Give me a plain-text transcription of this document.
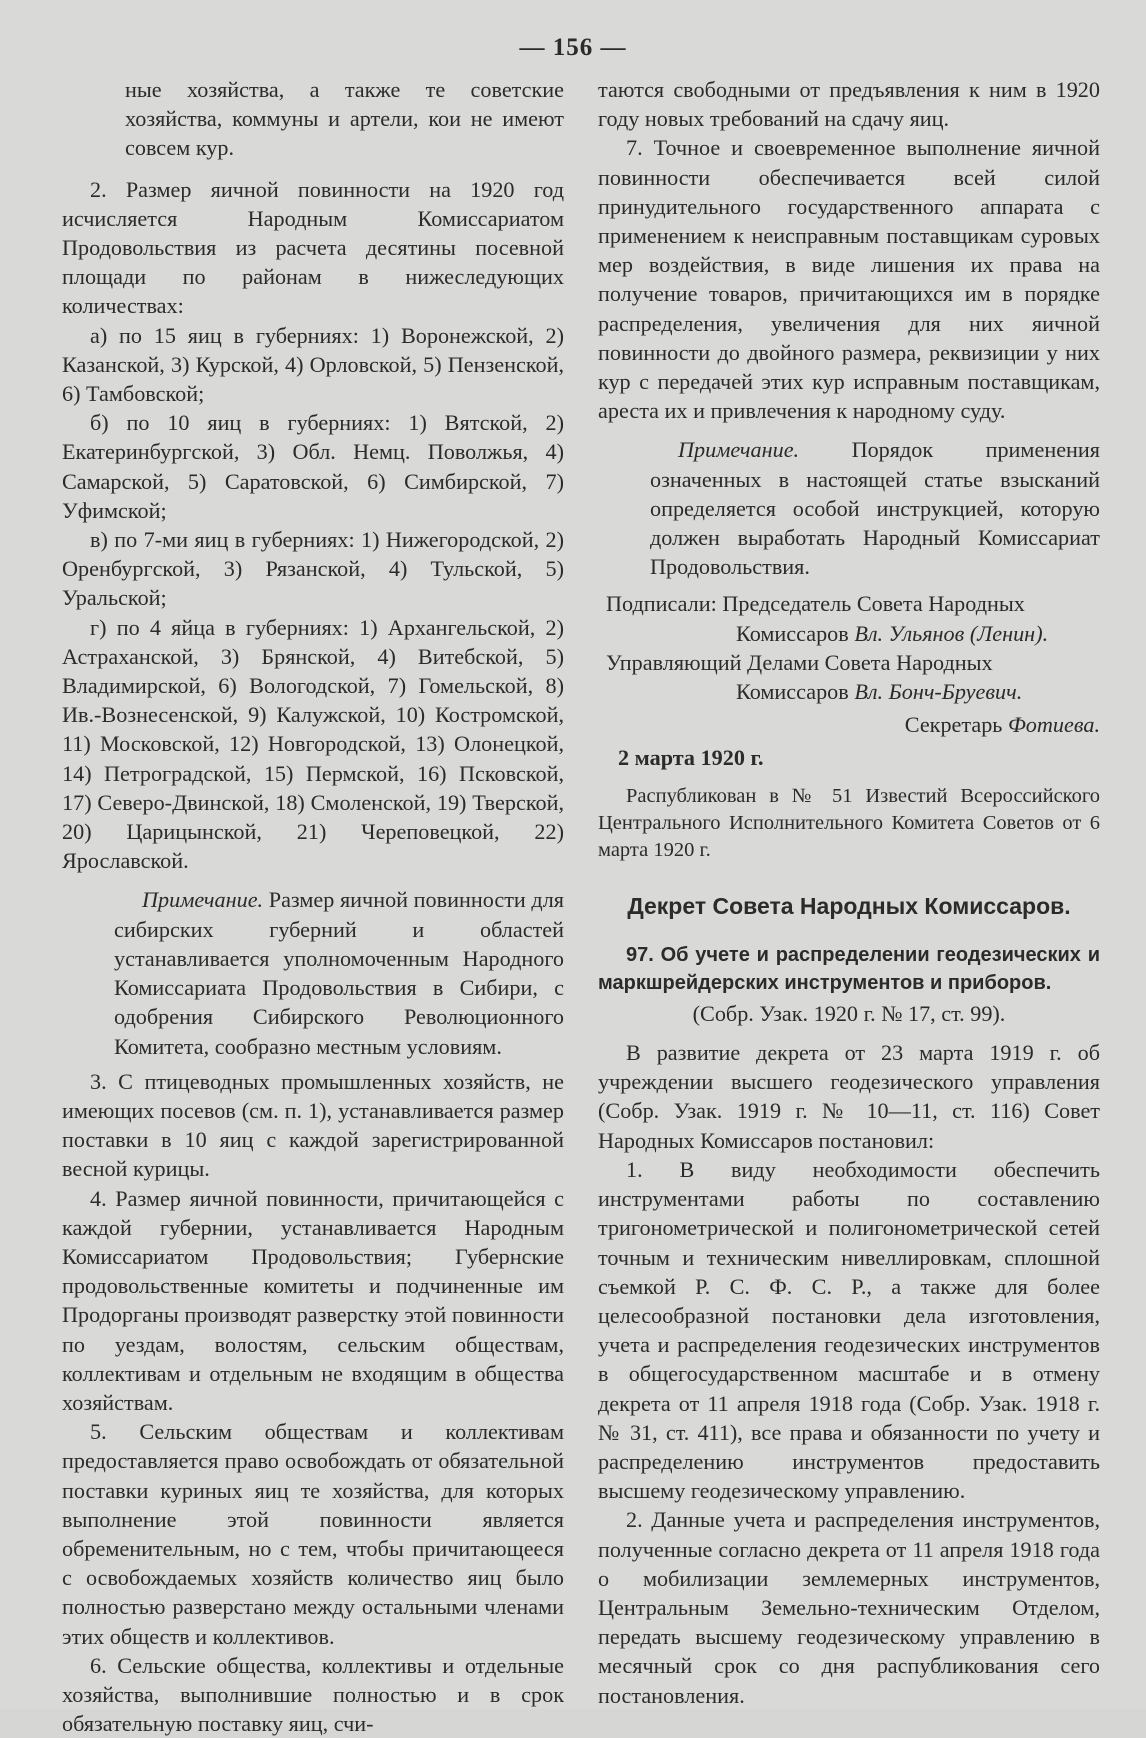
— 156 —

ные хозяйства, а также те советские хозяйства, коммуны и артели, кои не имеют совсем кур.

2. Размер яичной повинности на 1920 год исчисляется Народным Комиссариатом Продовольствия из расчета десятины посевной площади по районам в нижеследующих количествах:

а) по 15 яиц в губерниях: 1) Воронежской, 2) Казанской, 3) Курской, 4) Орловской, 5) Пензенской, 6) Тамбовской;

б) по 10 яиц в губерниях: 1) Вятской, 2) Екатеринбургской, 3) Обл. Немц. Поволжья, 4) Самарской, 5) Саратовской, 6) Симбирской, 7) Уфимской;

в) по 7-ми яиц в губерниях: 1) Нижегородской, 2) Оренбургской, 3) Рязанской, 4) Тульской, 5) Уральской;

г) по 4 яйца в губерниях: 1) Архангельской, 2) Астраханской, 3) Брянской, 4) Витебской, 5) Владимирской, 6) Вологодской, 7) Гомельской, 8) Ив.-Вознесенской, 9) Калужской, 10) Костромской, 11) Московской, 12) Новгородской, 13) Олонецкой, 14) Петроградской, 15) Пермской, 16) Псковской, 17) Северо-Двинской, 18) Смоленской, 19) Тверской, 20) Царицынской, 21) Череповецкой, 22) Ярославской.

Примечание. Размер яичной повинности для сибирских губерний и областей устанавливается уполномоченным Народного Комиссариата Продовольствия в Сибири, с одобрения Сибирского Революционного Комитета, сообразно местным условиям.

3. С птицеводных промышленных хозяйств, не имеющих посевов (см. п. 1), устанавливается размер поставки в 10 яиц с каждой зарегистрированной весной курицы.

4. Размер яичной повинности, причитающейся с каждой губернии, устанавливается Народным Комиссариатом Продовольствия; Губернские продовольственные комитеты и подчиненные им Продорганы производят разверстку этой повинности по уездам, волостям, сельским обществам, коллективам и отдельным не входящим в общества хозяйствам.

5. Сельским обществам и коллективам предоставляется право освобождать от обязательной поставки куриных яиц те хозяйства, для которых выполнение этой повинности является обременительным, но с тем, чтобы причитающееся с освобождаемых хозяйств количество яиц было полностью разверстано между остальными членами этих обществ и коллективов.

6. Сельские общества, коллективы и отдельные хозяйства, выполнившие полностью и в срок обязательную поставку яиц, счи-

таются свободными от предъявления к ним в 1920 году новых требований на сдачу яиц.

7. Точное и своевременное выполнение яичной повинности обеспечивается всей силой принудительного государственного аппарата с применением к неисправным поставщикам суровых мер воздействия, в виде лишения их права на получение товаров, причитающихся им в порядке распределения, увеличения для них яичной повинности до двойного размера, реквизиции у них кур с передачей этих кур исправным поставщикам, ареста их и привлечения к народному суду.

Примечание. Порядок применения означенных в настоящей статье взысканий определяется особой инструкцией, которую должен выработать Народный Комиссариат Продовольствия.

Подписали: Председатель Совета Народных
Комиссаров Вл. Ульянов (Ленин).
Управляющий Делами Совета Народных
Комиссаров Вл. Бонч-Бруевич.
Секретарь Фотиева.
2 марта 1920 г.

Распубликован в № 51 Известий Всероссийского Центрального Исполнительного Комитета Советов от 6 марта 1920 г.

Декрет Совета Народных Комиссаров.

97. Об учете и распределении геодезических и маркшрейдерских инструментов и приборов.

(Собр. Узак. 1920 г. № 17, ст. 99).

В развитие декрета от 23 марта 1919 г. об учреждении высшего геодезического управления (Собр. Узак. 1919 г. № 10—11, ст. 116) Совет Народных Комиссаров постановил:

1. В виду необходимости обеспечить инструментами работы по составлению тригонометрической и полигонометрической сетей точным и техническим нивеллировкам, сплошной съемкой Р. С. Ф. С. Р., а также для более целесообразной постановки дела изготовления, учета и распределения геодезических инструментов в общегосударственном масштабе и в отмену декрета от 11 апреля 1918 года (Собр. Узак. 1918 г. № 31, ст. 411), все права и обязанности по учету и распределению инструментов предоставить высшему геодезическому управлению.

2. Данные учета и распределения инструментов, полученные согласно декрета от 11 апреля 1918 года о мобилизации землемерных инструментов, Центральным Земельно-техническим Отделом, передать высшему геодезическому управлению в месячный срок со дня распубликования сего постановления.
